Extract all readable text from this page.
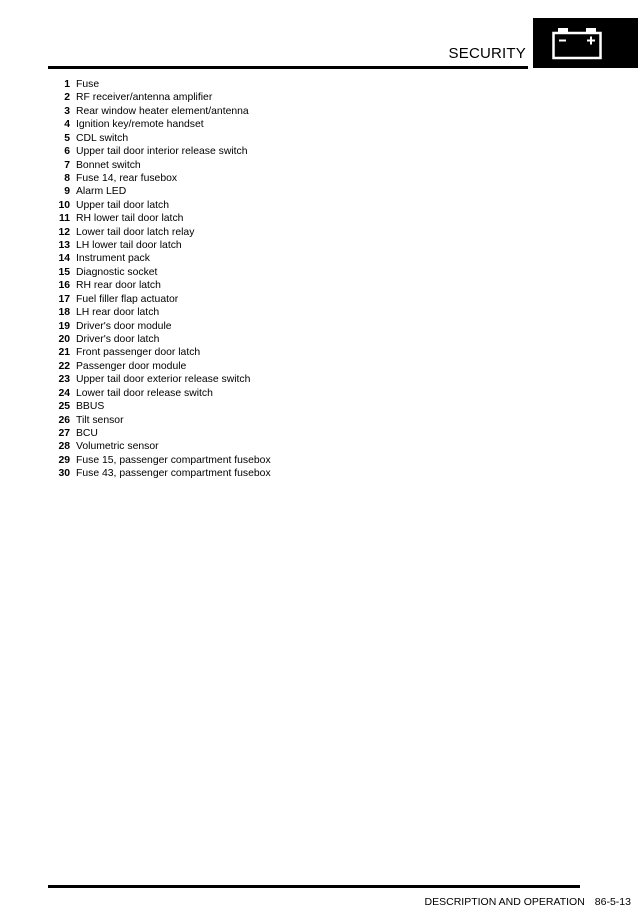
SECURITY
1 Fuse
2 RF receiver/antenna amplifier
3 Rear window heater element/antenna
4 Ignition key/remote handset
5 CDL switch
6 Upper tail door interior release switch
7 Bonnet switch
8 Fuse 14, rear fusebox
9 Alarm LED
10 Upper tail door latch
11 RH lower tail door latch
12 Lower tail door latch relay
13 LH lower tail door latch
14 Instrument pack
15 Diagnostic socket
16 RH rear door latch
17 Fuel filler flap actuator
18 LH rear door latch
19 Driver's door module
20 Driver's door latch
21 Front passenger door latch
22 Passenger door module
23 Upper tail door exterior release switch
24 Lower tail door release switch
25 BBUS
26 Tilt sensor
27 BCU
28 Volumetric sensor
29 Fuse 15, passenger compartment fusebox
30 Fuse 43, passenger compartment fusebox
DESCRIPTION AND OPERATION 86-5-13
